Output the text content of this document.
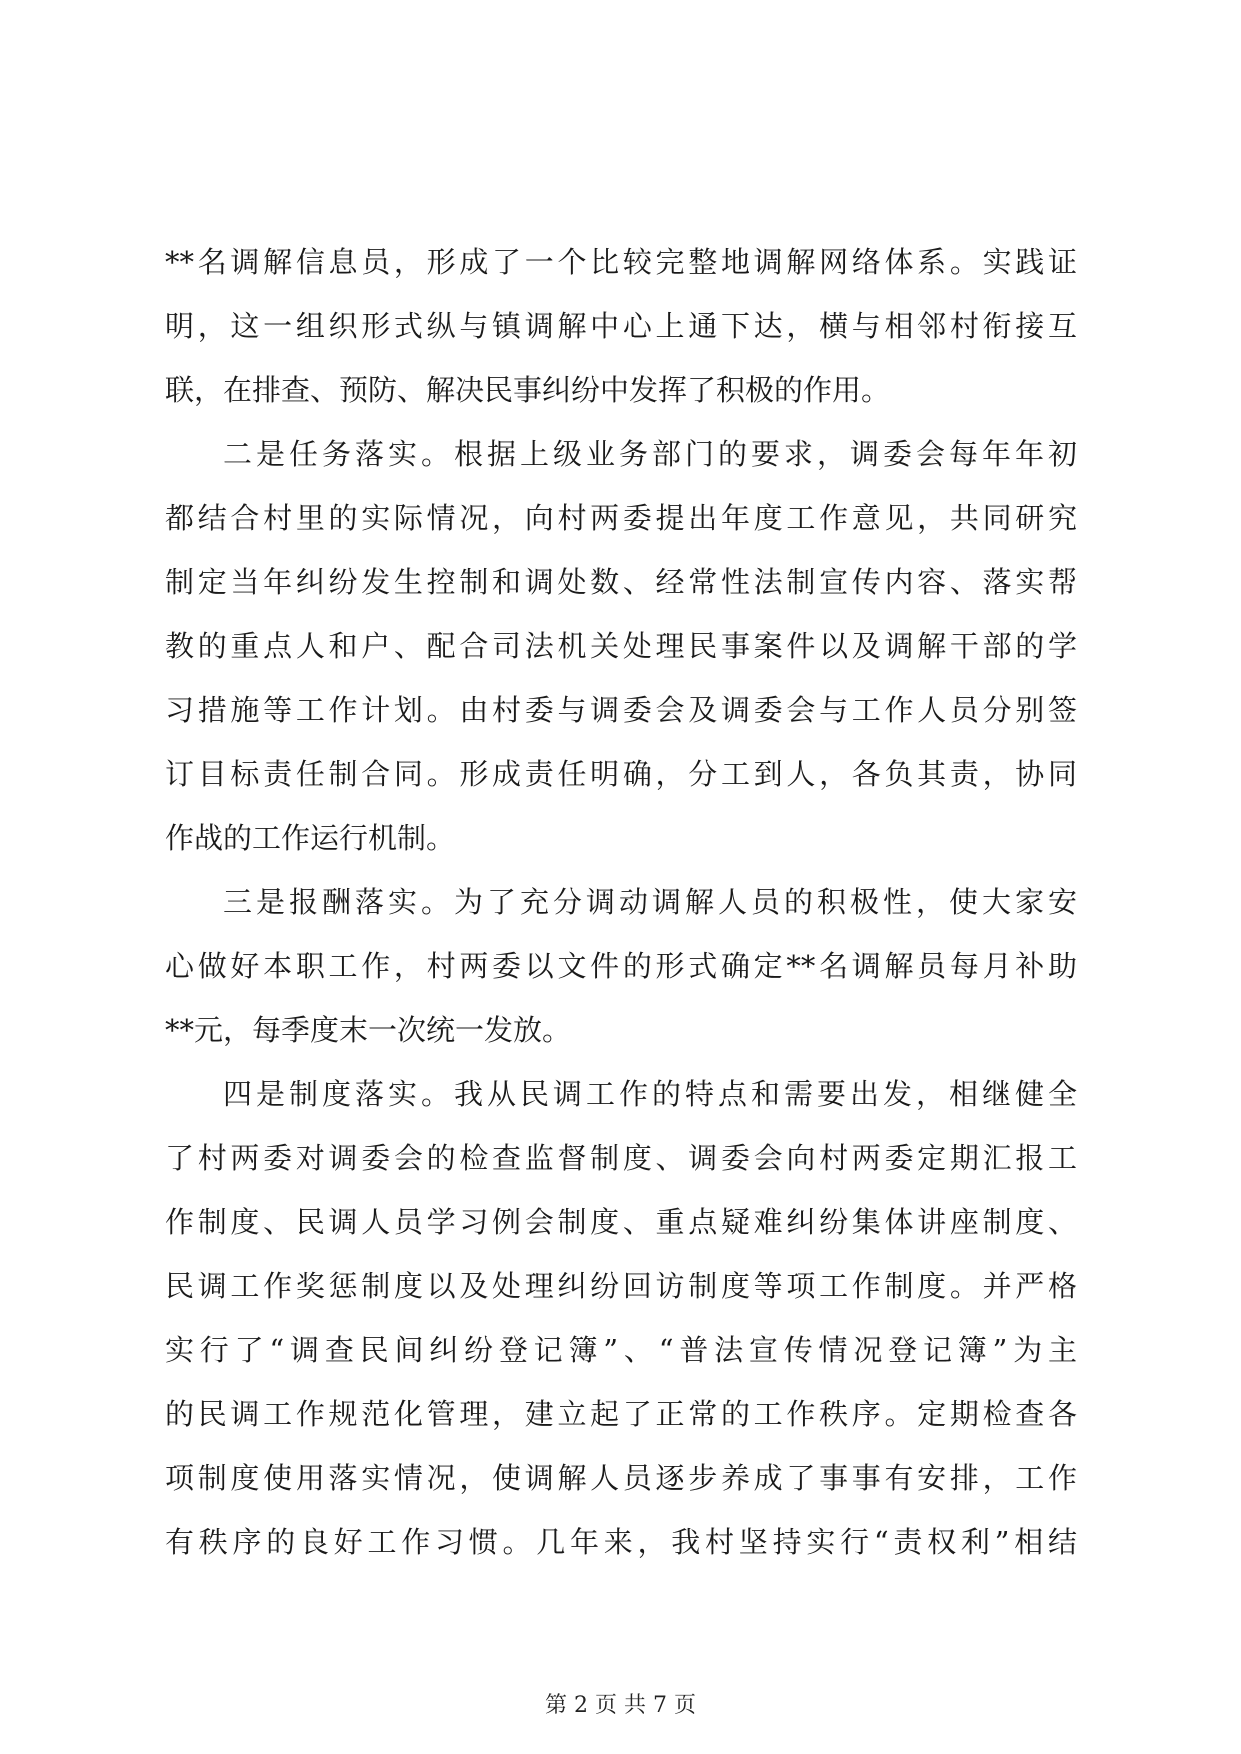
**名调解信息员，形成了一个比较完整地调解网络体系。实践证
明，这一组织形式纵与镇调解中心上通下达，横与相邻村衔接互
联，在排查、预防、解决民事纠纷中发挥了积极的作用。
二是任务落实。根据上级业务部门的要求，调委会每年年初
都结合村里的实际情况，向村两委提出年度工作意见，共同研究
制定当年纠纷发生控制和调处数、经常性法制宣传内容、落实帮
教的重点人和户、配合司法机关处理民事案件以及调解干部的学
习措施等工作计划。由村委与调委会及调委会与工作人员分别签
订目标责任制合同。形成责任明确，分工到人，各负其责，协同
作战的工作运行机制。
三是报酬落实。为了充分调动调解人员的积极性，使大家安
心做好本职工作，村两委以文件的形式确定**名调解员每月补助
**元，每季度末一次统一发放。
四是制度落实。我从民调工作的特点和需要出发，相继健全
了村两委对调委会的检查监督制度、调委会向村两委定期汇报工
作制度、民调人员学习例会制度、重点疑难纠纷集体讲座制度、
民调工作奖惩制度以及处理纠纷回访制度等项工作制度。并严格
实行了“调查民间纠纷登记簿”、“普法宣传情况登记簿”为主
的民调工作规范化管理，建立起了正常的工作秩序。定期检查各
项制度使用落实情况，使调解人员逐步养成了事事有安排，工作
有秩序的良好工作习惯。几年来，我村坚持实行“责权利”相结
第 2 页 共 7 页
